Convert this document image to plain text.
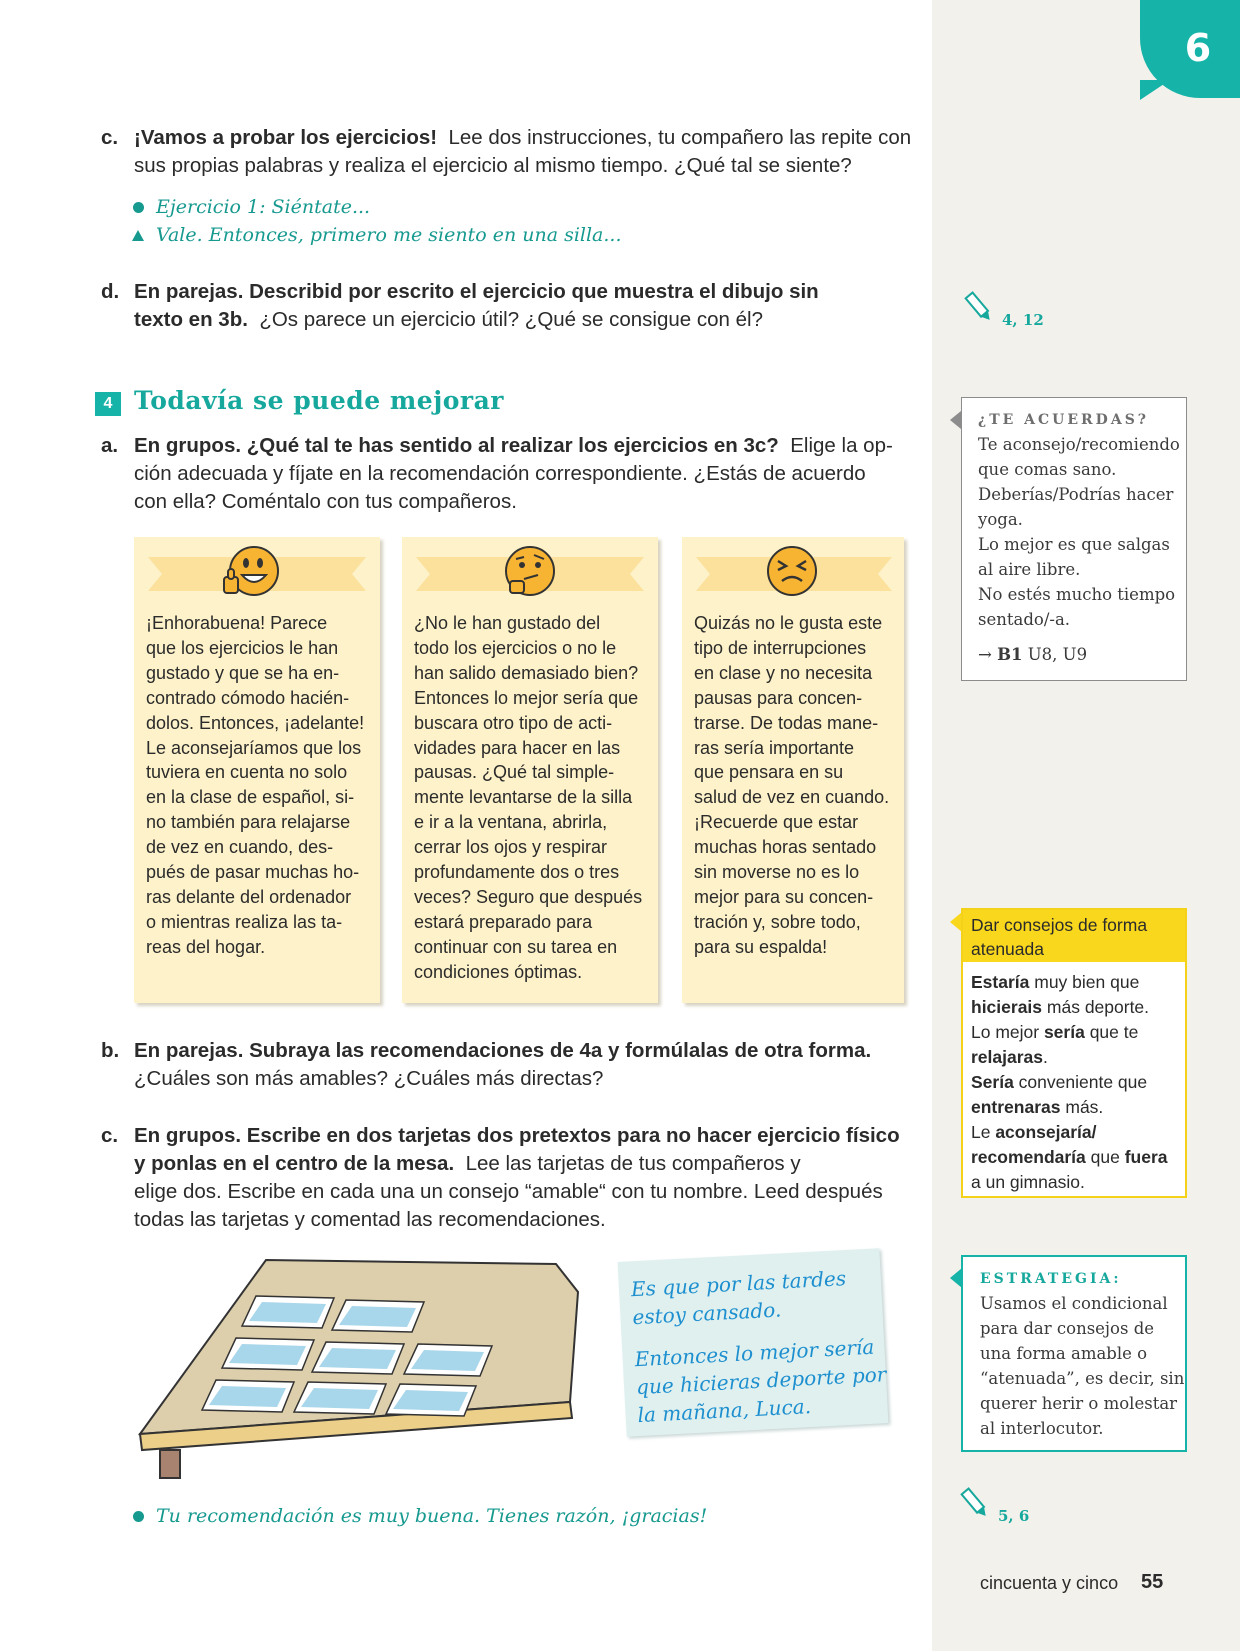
6
c. ¡Vamos a probar los ejercicios! Lee dos instrucciones, tu compañero las repite con
sus propias palabras y realiza el ejercicio al mismo tiempo. ¿Qué tal se siente?
Ejercicio 1: Siéntate...
Vale. Entonces, primero me siento en una silla...
d. En parejas. Describid por escrito el ejercicio que muestra el dibujo sin
texto en 3b. ¿Os parece un ejercicio útil? ¿Qué se consigue con él?	4, 12
4 Todavía se puede mejorar
a. En grupos. ¿Qué tal te has sentido al realizar los ejercicios en 3c? Elige la op-
ción adecuada y fíjate en la recomendación correspondiente. ¿Estás de acuerdo
con ella? Coméntalo con tus compañeros.
¡Enhorabuena! Parece
que los ejercicios le han
gustado y que se ha en-
contrado cómodo hacién-
dolos. Entonces, ¡adelante!
Le aconsejaríamos que los
tuviera en cuenta no solo
en la clase de español, si-
no también para relajarse
de vez en cuando, des-
pués de pasar muchas ho-
ras delante del ordenador
o mientras realiza las ta-
reas del hogar.
¿No le han gustado del
todo los ejercicios o no le
han salido demasiado bien?
Entonces lo mejor sería que
buscara otro tipo de acti-
vidades para hacer en las
pausas. ¿Qué tal simple-
mente levantarse de la silla
e ir a la ventana, abrirla,
cerrar los ojos y respirar
profundamente dos o tres
veces? Seguro que después
estará preparado para
continuar con su tarea en
condiciones óptimas.
Quizás no le gusta este
tipo de interrupciones
en clase y no necesita
pausas para concen-
trarse. De todas mane-
ras sería importante
que pensara en su
salud de vez en cuando.
¡Recuerde que estar
muchas horas sentado
sin moverse no es lo
mejor para su concen-
tración y, sobre todo,
para su espalda!
b. En parejas. Subraya las recomendaciones de 4a y formúlalas de otra forma.
¿Cuáles son más amables? ¿Cuáles más directas?
c. En grupos. Escribe en dos tarjetas dos pretextos para no hacer ejercicio físico
y ponlas en el centro de la mesa. Lee las tarjetas de tus compañeros y
elige dos. Escribe en cada una un consejo “amable“ con tu nombre. Leed después
todas las tarjetas y comentad las recomendaciones.
Es que por las tardes
estoy cansado.
Entonces lo mejor sería
que hicieras deporte por
la mañana, Luca.
Tu recomendación es muy buena. Tienes razón, ¡gracias!	5, 6
¿TE ACUERDAS?
Te aconsejo/recomiendo
que comas sano.
Deberías/Podrías hacer
yoga.
Lo mejor es que salgas
al aire libre.
No estés mucho tiempo
sentado/-a.
→ B1 U8, U9
Dar consejos de forma
atenuada
Estaría muy bien que
hicierais más deporte.
Lo mejor sería que te
relajaras.
Sería conveniente que
entrenaras más.
Le aconsejaría/
recomendaría que fuera
a un gimnasio.
ESTRATEGIA:
Usamos el condicional
para dar consejos de
una forma amable o
“atenuada”, es decir, sin
querer herir o molestar
al interlocutor.
cincuenta y cinco 55
